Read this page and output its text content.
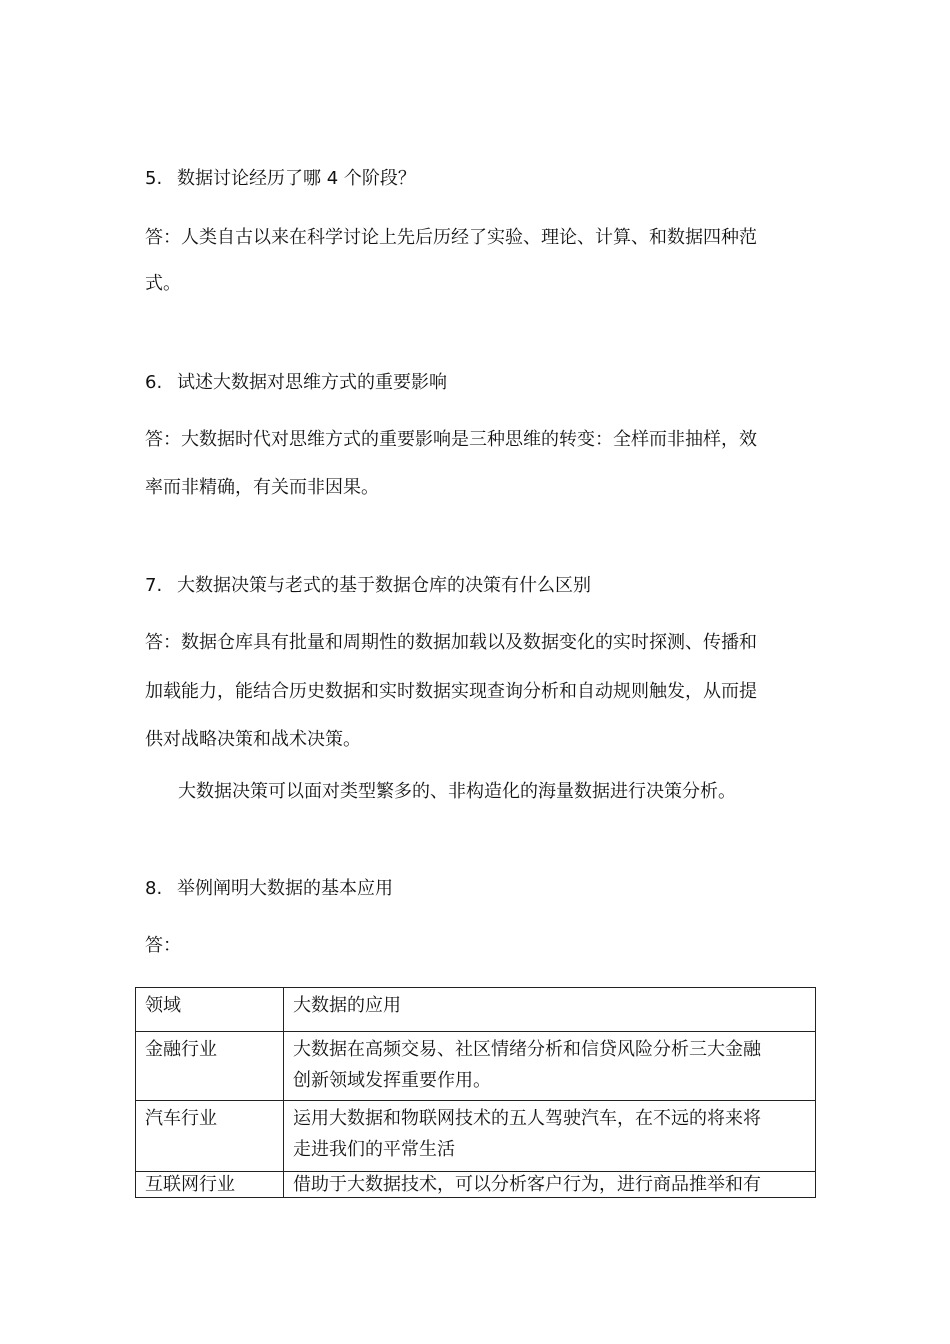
5. 数据讨论经历了哪 4 个阶段？
答：人类自古以来在科学讨论上先后历经了实验、理论、计算、和数据四种范
式。
6. 试述大数据对思维方式的重要影响
答：大数据时代对思维方式的重要影响是三种思维的转变：全样而非抽样，效
率而非精确，有关而非因果。
7. 大数据决策与老式的基于数据仓库的决策有什么区别
答：数据仓库具有批量和周期性的数据加载以及数据变化的实时探测、传播和
加载能力，能结合历史数据和实时数据实现查询分析和自动规则触发，从而提
供对战略决策和战术决策。
大数据决策可以面对类型繁多的、非构造化的海量数据进行决策分析。
8. 举例阐明大数据的基本应用
答：
领域	大数据的应用
金融行业	大数据在高频交易、社区情绪分析和信贷风险分析三大金融
创新领域发挥重要作用。

汽车行业	运用大数据和物联网技术的五人驾驶汽车，在不远的将来将
走进我们的平常生活

互联网行业	借助于大数据技术，可以分析客户行为，进行商品推举和有
